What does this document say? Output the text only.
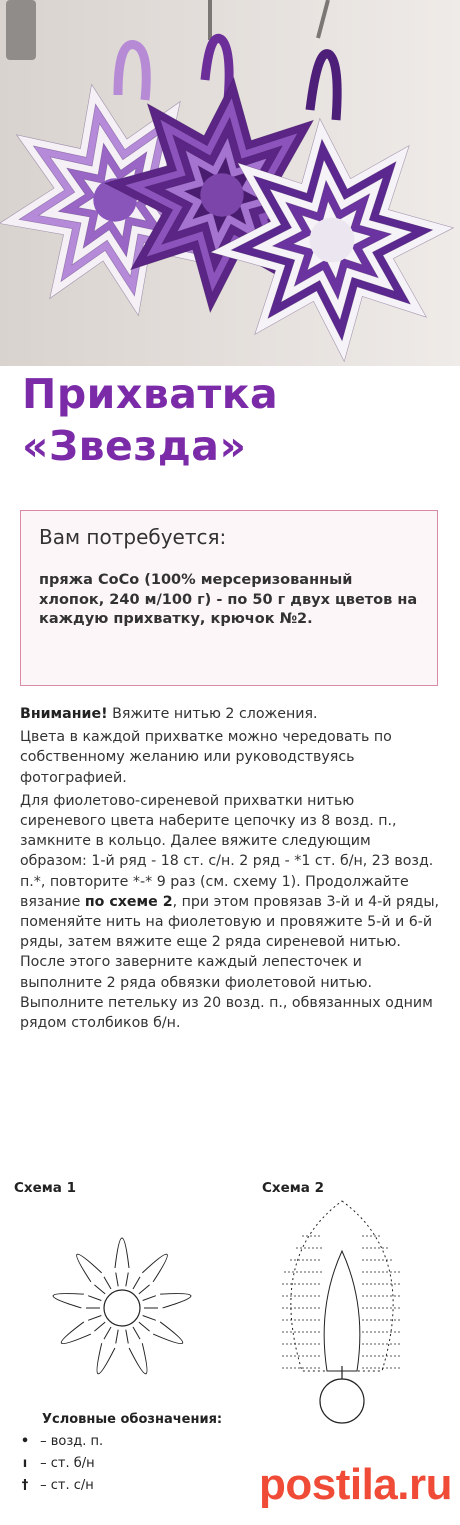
Прихватка
«Звезда»
Вам потребуется:
пряжа СоСо (100% мерсеризованный хлопок, 240 м/100 г) - по 50 г двух цветов на каждую прихватку, крючок №2.

Внимание! Вяжите нитью 2 сложения.

Цвета в каждой прихватке можно чередовать по собственному желанию или руководствуясь фотографией.

Для фиолетово-сиреневой прихватки нитью сиреневого цвета наберите цепочку из 8 возд. п., замкните в кольцо. Далее вяжите следующим образом: 1-й ряд - 18 ст. с/н. 2 ряд - *1 ст. б/н, 23 возд. п.*, повторите *-* 9 раз (см. схему 1). Продолжайте вязание по схеме 2, при этом провязав 3-й и 4-й ряды, поменяйте нить на фиолетовую и провяжите 5-й и 6-й ряды, затем вяжите еще 2 ряда сиреневой нитью. После этого заверните каждый лепесточек и выполните 2 ряда обвязки фиолетовой нитью. Выполните петельку из 20 возд. п., обвязанных одним рядом столбиков б/н.

Схема 1	Схема 2
Условные обозначения:
• – возд. п.
ı – ст. б/н
† – ст. с/н	postila.ru
